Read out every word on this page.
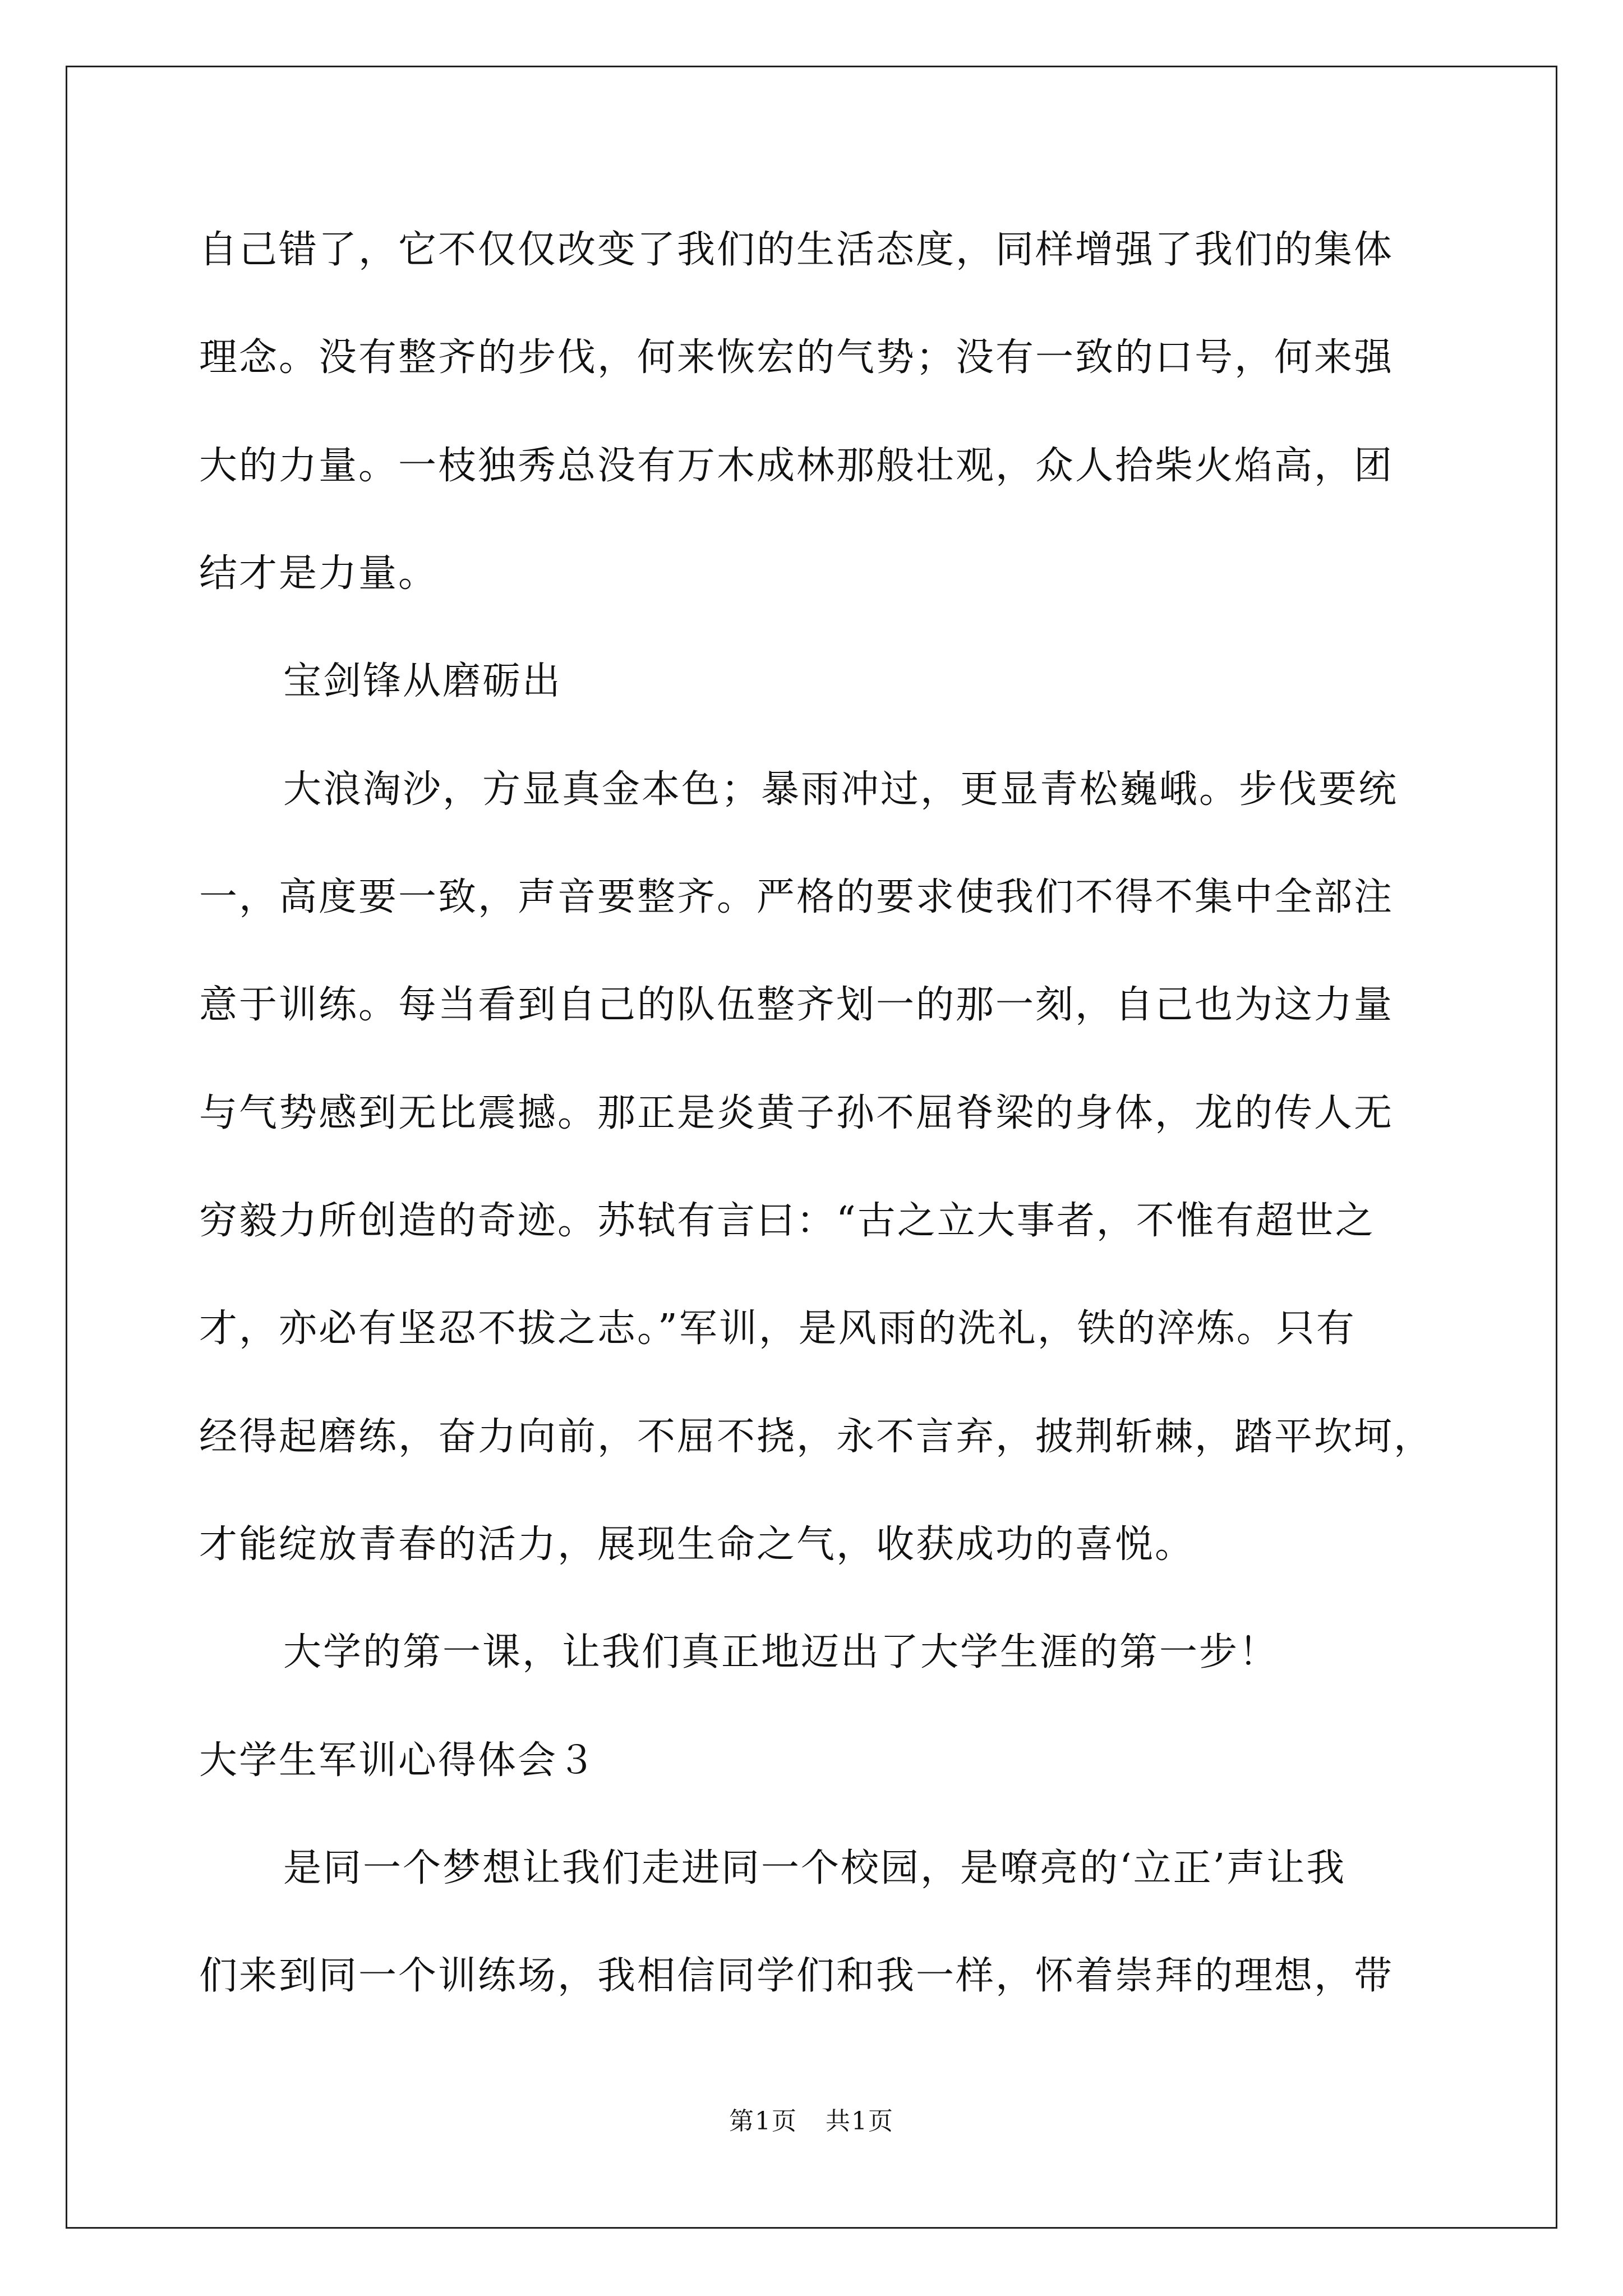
自己错了，它不仅仅改变了我们的生活态度，同样增强了我们的集体
理念。没有整齐的步伐，何来恢宏的气势；没有一致的口号，何来强
大的力量。一枝独秀总没有万木成林那般壮观，众人拾柴火焰高，团
结才是力量。
宝剑锋从磨砺出
大浪淘沙，方显真金本色；暴雨冲过，更显青松巍峨。步伐要统
一，高度要一致，声音要整齐。严格的要求使我们不得不集中全部注
意于训练。每当看到自己的队伍整齐划一的那一刻，自己也为这力量
与气势感到无比震撼。那正是炎黄子孙不屈脊梁的身体，龙的传人无
穷毅力所创造的奇迹。苏轼有言曰：“古之立大事者，不惟有超世之
才，亦必有坚忍不拔之志。”军训，是风雨的洗礼，铁的淬炼。只有
经得起磨练，奋力向前，不屈不挠，永不言弃，披荆斩棘，踏平坎坷，
才能绽放青春的活力，展现生命之气，收获成功的喜悦。
大学的第一课，让我们真正地迈出了大学生涯的第一步！
大学生军训心得体会３
是同一个梦想让我们走进同一个校园，是嘹亮的‘立正’声让我
们来到同一个训练场，我相信同学们和我一样，怀着崇拜的理想，带
第1页 共1页
